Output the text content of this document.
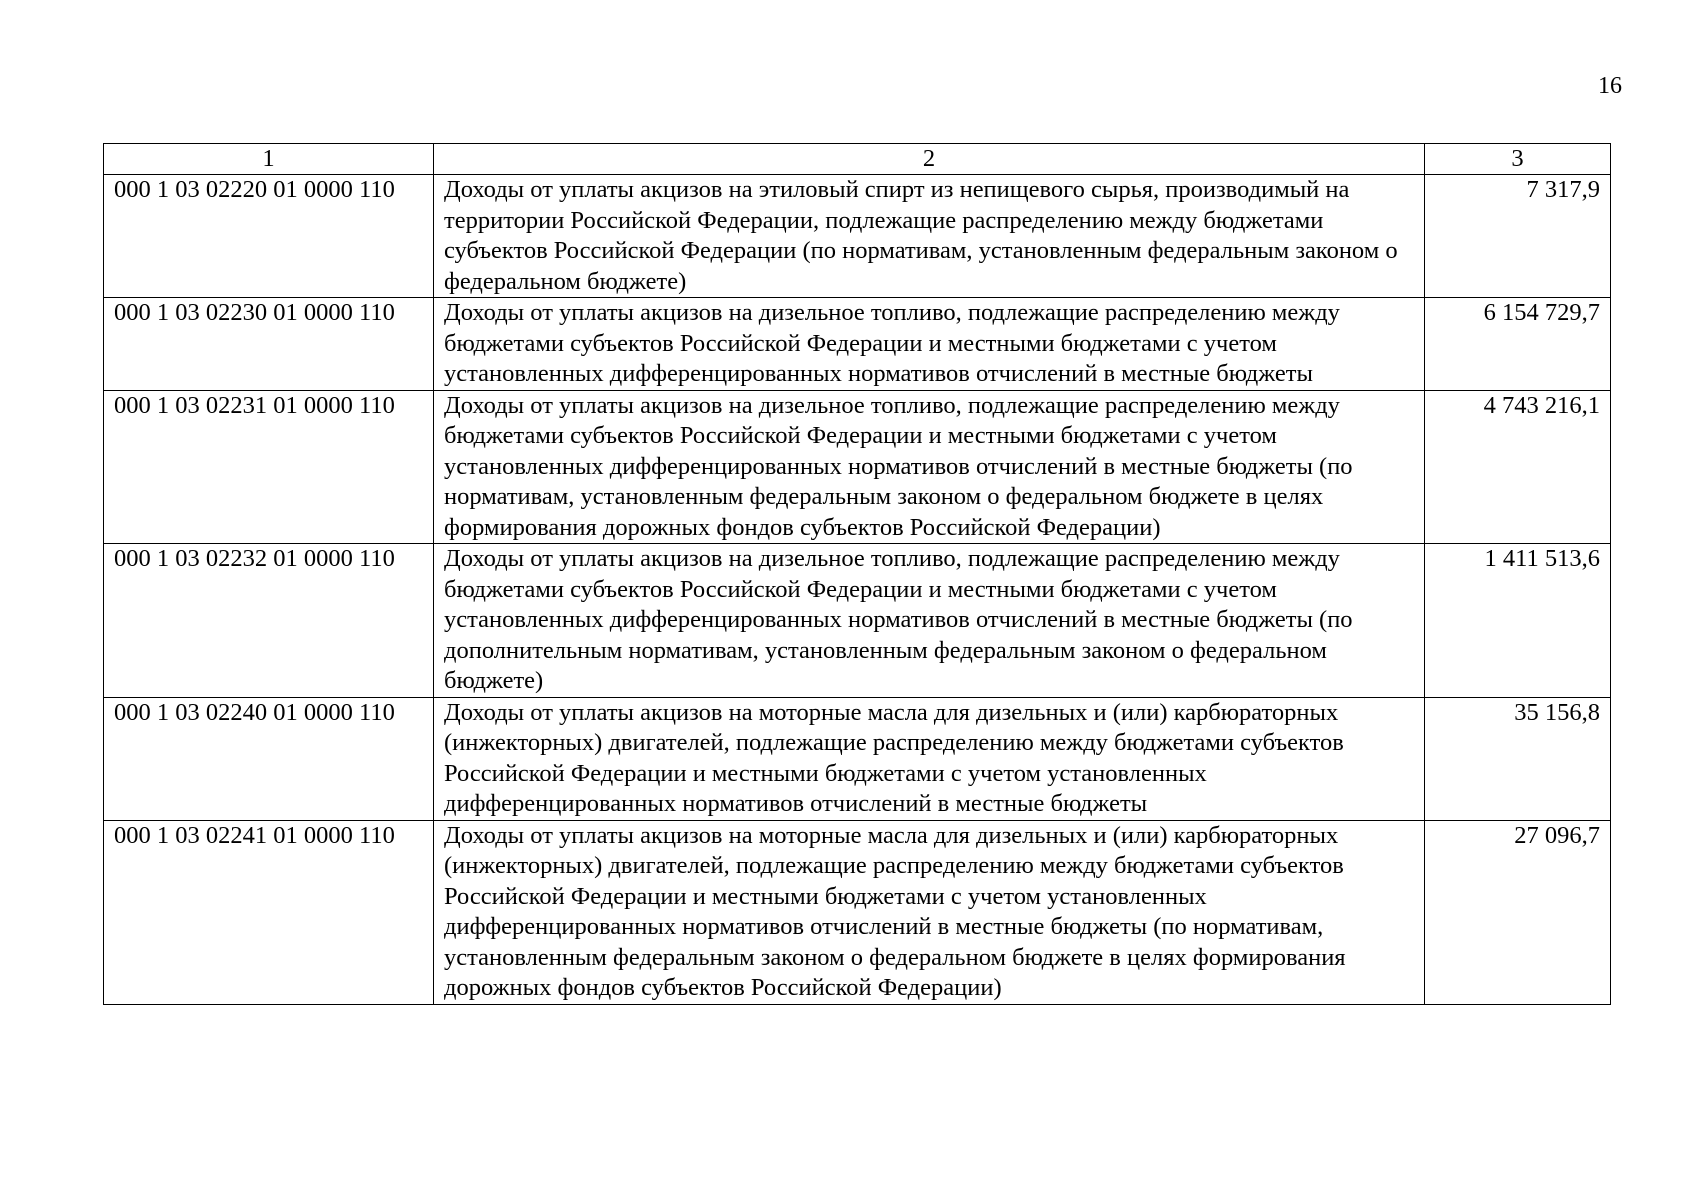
16
1	2	3
000 1 03 02220 01 0000 110	Доходы от уплаты акцизов на этиловый спирт из непищевого сырья, производимый на территории Российской Федерации, подлежащие распределению между бюджетами субъектов Российской Федерации (по нормативам, установленным федеральным законом о федеральном бюджете)	7 317,9
000 1 03 02230 01 0000 110	Доходы от уплаты акцизов на дизельное топливо, подлежащие распределению между бюджетами субъектов Российской Федерации и местными бюджетами с учетом установленных дифференцированных нормативов отчислений в местные бюджеты	6 154 729,7
000 1 03 02231 01 0000 110	Доходы от уплаты акцизов на дизельное топливо, подлежащие распределению между бюджетами субъектов Российской Федерации и местными бюджетами с учетом установленных дифференцированных нормативов отчислений в местные бюджеты (по нормативам, установленным федеральным законом о федеральном бюджете в целях формирования дорожных фондов субъектов Российской Федерации)	4 743 216,1
000 1 03 02232 01 0000 110	Доходы от уплаты акцизов на дизельное топливо, подлежащие распределению между бюджетами субъектов Российской Федерации и местными бюджетами с учетом установленных дифференцированных нормативов отчислений в местные бюджеты (по дополнительным нормативам, установленным федеральным законом о федеральном бюджете)	1 411 513,6
000 1 03 02240 01 0000 110	Доходы от уплаты акцизов на моторные масла для дизельных и (или) карбюраторных (инжекторных) двигателей, подлежащие распределению между бюджетами субъектов Российской Федерации и местными бюджетами с учетом установленных дифференцированных нормативов отчислений в местные бюджеты	35 156,8
000 1 03 02241 01 0000 110	Доходы от уплаты акцизов на моторные масла для дизельных и (или) карбюраторных (инжекторных) двигателей, подлежащие распределению между бюджетами субъектов Российской Федерации и местными бюджетами с учетом установленных дифференцированных нормативов отчислений в местные бюджеты (по нормативам, установленным федеральным законом о федеральном бюджете в целях формирования дорожных фондов субъектов Российской Федерации)	27 096,7
